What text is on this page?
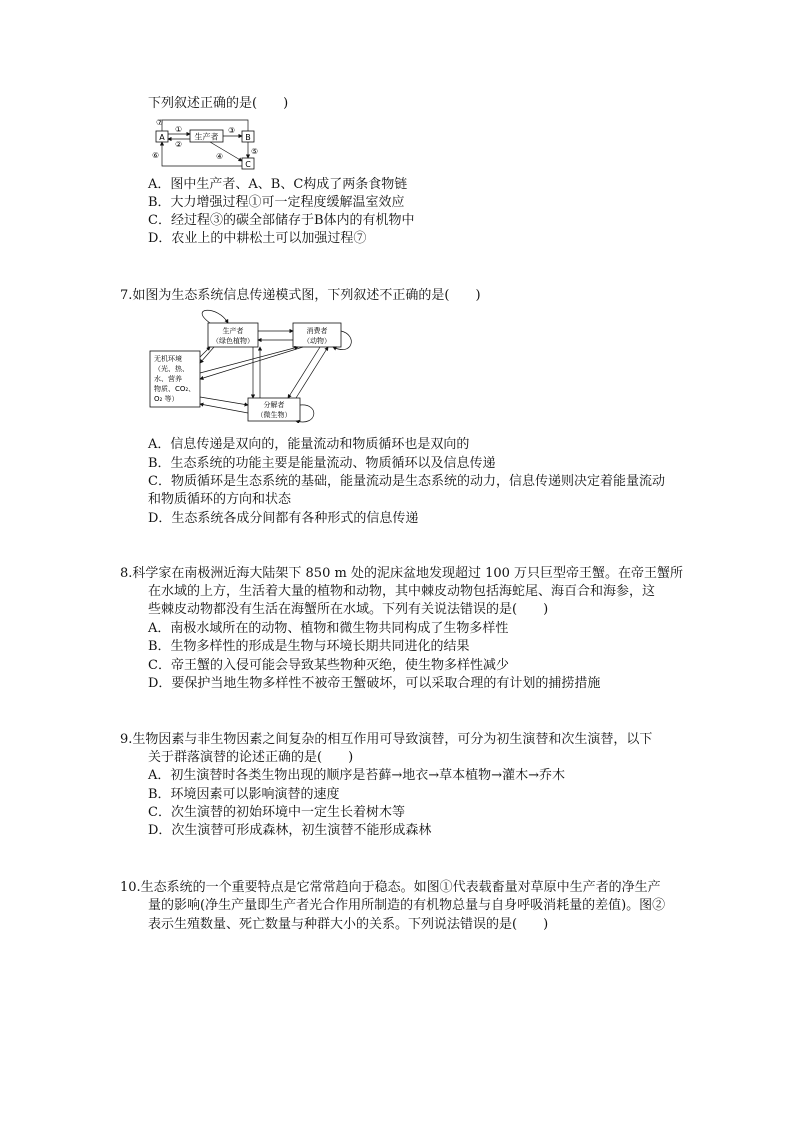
下列叙述正确的是(　　)
A	生产者	B
C
⑦
①
②
③
④
⑤
⑥
A．图中生产者、A、B、C构成了两条食物链
B．大力增强过程①可一定程度缓解温室效应
C．经过程③的碳全部储存于B体内的有机物中
D．农业上的中耕松土可以加强过程⑦
7.如图为生态系统信息传递模式图，下列叙述不正确的是(　　)
生产者
（绿色植物）
消费者
（动物）
无机环境
（光、热、
水、营养
物质、CO₂、
O₂ 等）
分解者
（微生物）
A．信息传递是双向的，能量流动和物质循环也是双向的
B．生态系统的功能主要是能量流动、物质循环以及信息传递
C．物质循环是生态系统的基础，能量流动是生态系统的动力，信息传递则决定着能量流动
和物质循环的方向和状态
D．生态系统各成分间都有各种形式的信息传递
8.科学家在南极洲近海大陆架下 850 m 处的泥床盆地发现超过 100 万只巨型帝王蟹。在帝王蟹所
在水域的上方，生活着大量的植物和动物，其中棘皮动物包括海蛇尾、海百合和海参，这
些棘皮动物都没有生活在海蟹所在水域。下列有关说法错误的是(　　)
A．南极水域所在的动物、植物和微生物共同构成了生物多样性
B．生物多样性的形成是生物与环境长期共同进化的结果
C．帝王蟹的入侵可能会导致某些物种灭绝，使生物多样性减少
D．要保护当地生物多样性不被帝王蟹破坏，可以采取合理的有计划的捕捞措施
9.生物因素与非生物因素之间复杂的相互作用可导致演替，可分为初生演替和次生演替，以下
关于群落演替的论述正确的是(　　)
A．初生演替时各类生物出现的顺序是苔藓→地衣→草本植物→灌木→乔木
B．环境因素可以影响演替的速度
C．次生演替的初始环境中一定生长着树木等
D．次生演替可形成森林，初生演替不能形成森林
10.生态系统的一个重要特点是它常常趋向于稳态。如图①代表载畜量对草原中生产者的净生产
量的影响(净生产量即生产者光合作用所制造的有机物总量与自身呼吸消耗量的差值)。图②
表示生殖数量、死亡数量与种群大小的关系。下列说法错误的是(　　)
